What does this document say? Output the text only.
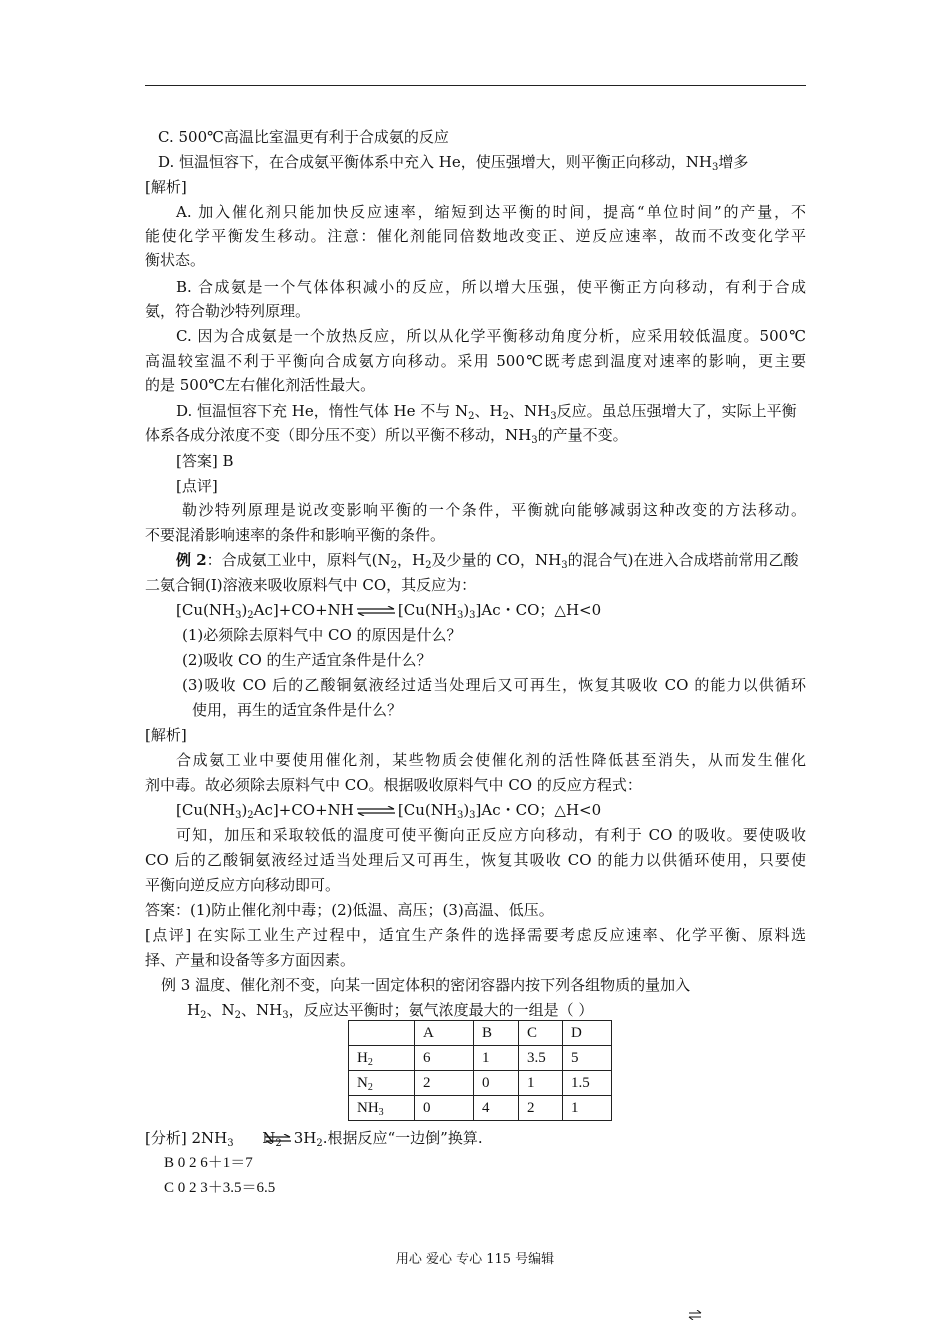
C. 500℃高温比室温更有利于合成氨的反应
D. 恒温恒容下，在合成氨平衡体系中充入 He，使压强增大，则平衡正向移动，$NH_3$增多
[解析]
A. 加入催化剂只能加快反应速率，缩短到达平衡的时间，提高“单位时间”的产量，不
能使化学平衡发生移动。注意：催化剂能同倍数地改变正、逆反应速率，故而不改变化学平
衡状态。
B. 合成氨是一个气体体积减小的反应，所以增大压强，使平衡正方向移动，有利于合成
氨，符合勒沙特列原理。
C. 因为合成氨是一个放热反应，所以从化学平衡移动角度分析，应采用较低温度。500℃
高温较室温不利于平衡向合成氨方向移动。采用 500℃既考虑到温度对速率的影响，更主要
的是 500℃左右催化剂活性最大。
D. 恒温恒容下充 He，惰性气体 He 不与 $N_2$、$H_2$、$NH_3$反应。虽总压强增大了，实际上平衡
体系各成分浓度不变（即分压不变）所以平衡不移动，$NH_3$的产量不变。
[答案] B
[点评]
勒沙特列原理是说改变影响平衡的一个条件，平衡就向能够减弱这种改变的方法移动。
不要混淆影响速率的条件和影响平衡的条件。
例 2：合成氨工业中，原料气($N_2$，$H_2$及少量的 CO，$NH_3$的混合气)在进入合成塔前常用乙酸
二氨合铜(Ⅰ)溶液来吸收原料气中 CO，其反应为：
$[Cu(NH_3)_2Ac]+CO+NH$ ⇌ $[Cu(NH_3)_3]Ac$・CO；△H<0
(1)必须除去原料气中 CO 的原因是什么？
(2)吸收 CO 的生产适宜条件是什么？
(3)吸收 CO 后的乙酸铜氨液经过适当处理后又可再生，恢复其吸收 CO 的能力以供循环
使用，再生的适宜条件是什么？
[解析]
合成氨工业中要使用催化剂，某些物质会使催化剂的活性降低甚至消失，从而发生催化
剂中毒。故必须除去原料气中 CO。根据吸收原料气中 CO 的反应方程式：
$[Cu(NH_3)_2Ac]+CO+NH$ ⇌ $[Cu(NH_3)_3]Ac$・CO；△H<0
可知，加压和采取较低的温度可使平衡向正反应方向移动，有利于 CO 的吸收。要使吸收
CO 后的乙酸铜氨液经过适当处理后又可再生，恢复其吸收 CO 的能力以供循环使用，只要使
平衡向逆反应方向移动即可。
答案：(1)防止催化剂中毒；(2)低温、高压；(3)高温、低压。
[点评] 在实际工业生产过程中，适宜生产条件的选择需要考虑反应速率、化学平衡、原料选
择、产量和设备等多方面因素。
例 3 温度、催化剂不变，向某一固定体积的密闭容器内按下列各组物质的量加入
$H_2$、$N_2$、$NH_3$，反应达平衡时；氨气浓度最大的一组是（ ）
	A	B	C	D
$H_2$	6	1	3.5	5
$N_2$	2	0	1	1.5
$NH_3$	0	4	2	1
[分析] $2NH_3$ $N_2$ ⇌ $3H_2$.根据反应“一边倒”换算.
B 0 2 6＋1＝7
C 0 2 3＋3.5＝6.5
用心 爱心 专心 115 号编辑
